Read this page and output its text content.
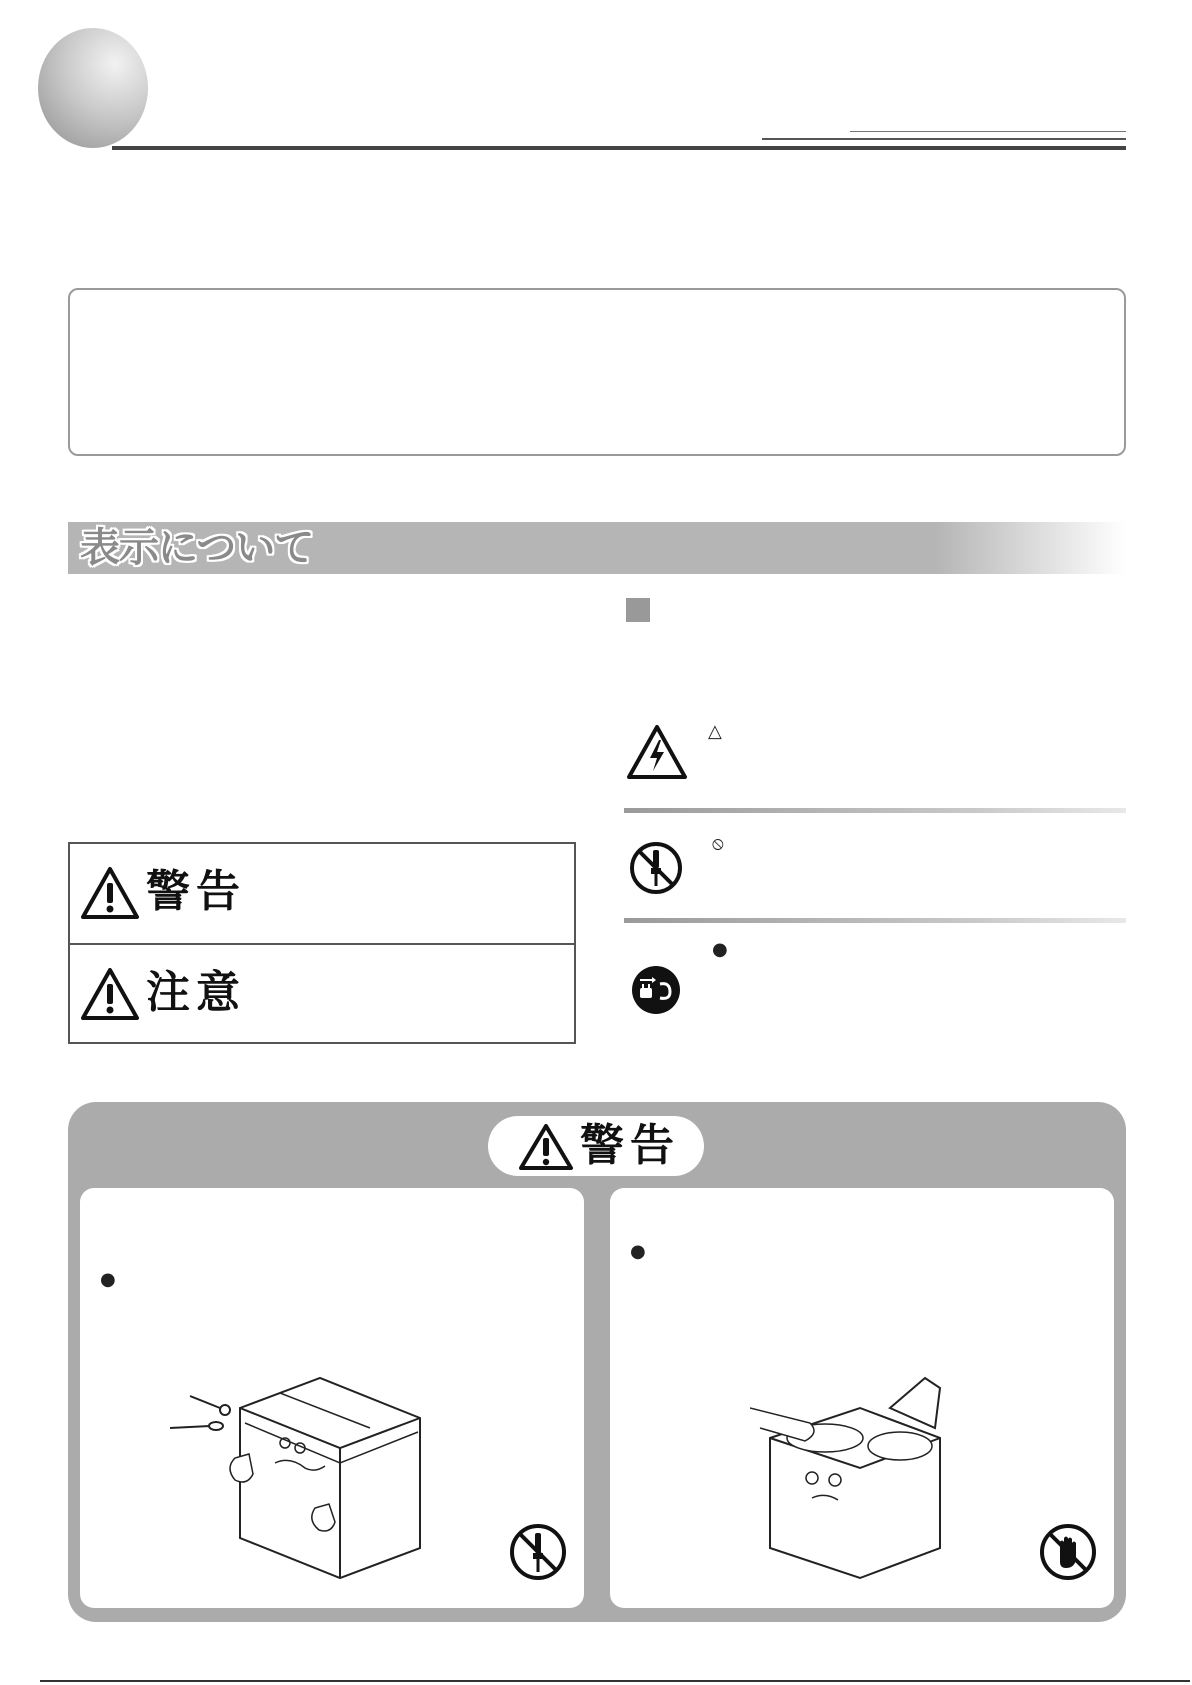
表示について
警告
注意
△
⦸
●
警告
●
●
